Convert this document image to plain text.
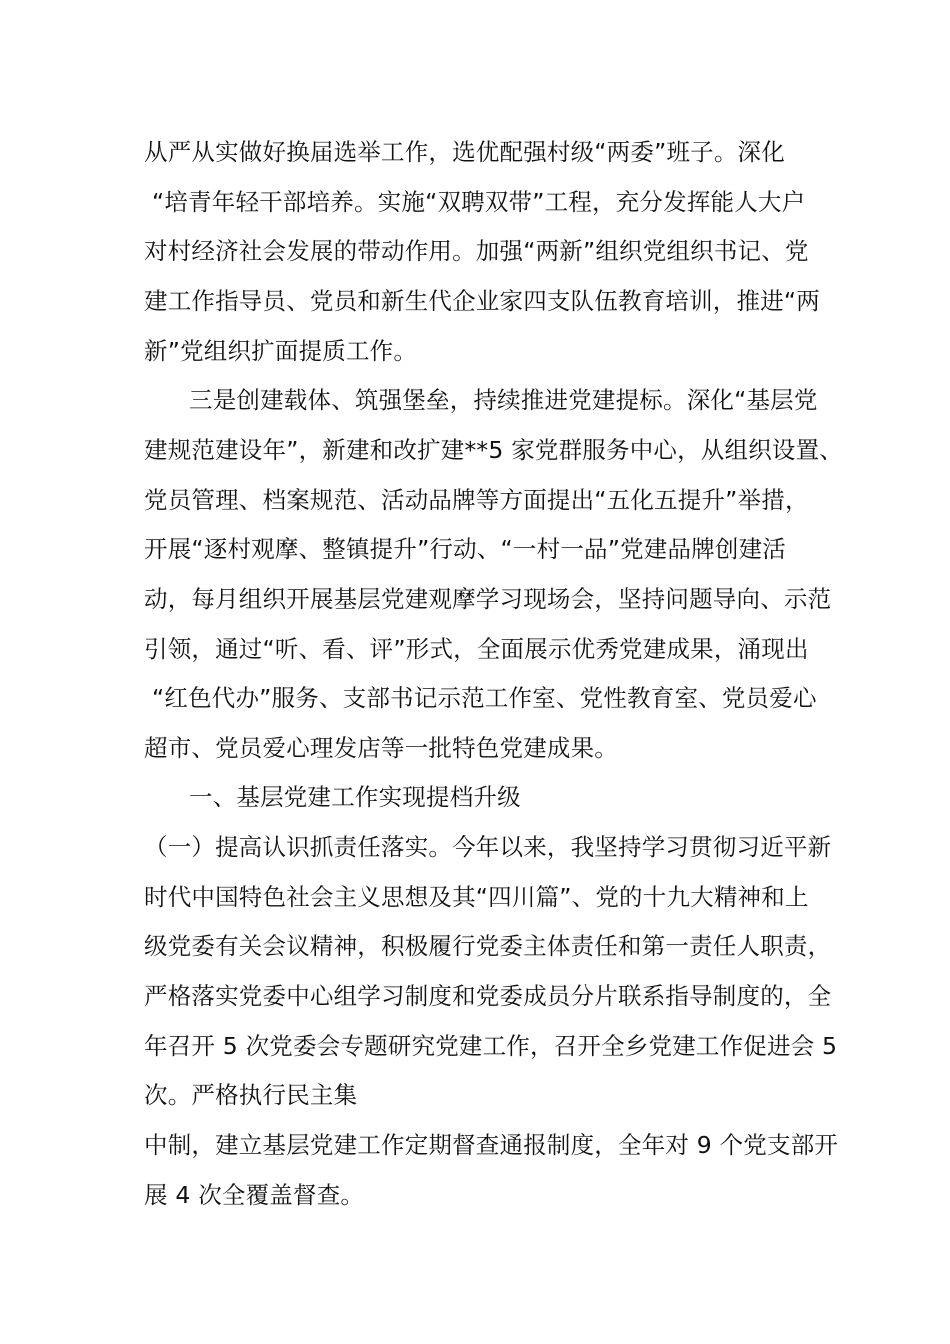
从严从实做好换届选举工作，选优配强村级“两委”班子。深化
“培青年轻干部培养。实施“双聘双带”工程，充分发挥能人大户
对村经济社会发展的带动作用。加强“两新”组织党组织书记、党
建工作指导员、党员和新生代企业家四支队伍教育培训，推进“两
新”党组织扩面提质工作。
三是创建载体、筑强堡垒，持续推进党建提标。深化“基层党
建规范建设年”，新建和改扩建**5 家党群服务中心，从组织设置、
党员管理、档案规范、活动品牌等方面提出“五化五提升”举措，
开展“逐村观摩、整镇提升”行动、“一村一品”党建品牌创建活
动，每月组织开展基层党建观摩学习现场会，坚持问题导向、示范
引领，通过“听、看、评”形式，全面展示优秀党建成果，涌现出
“红色代办”服务、支部书记示范工作室、党性教育室、党员爱心
超市、党员爱心理发店等一批特色党建成果。
一、基层党建工作实现提档升级
（一）提高认识抓责任落实。今年以来，我坚持学习贯彻习近平新
时代中国特色社会主义思想及其“四川篇”、党的十九大精神和上
级党委有关会议精神，积极履行党委主体责任和第一责任人职责，
严格落实党委中心组学习制度和党委成员分片联系指导制度的，全
年召开 5 次党委会专题研究党建工作，召开全乡党建工作促进会 5
次。严格执行民主集
中制，建立基层党建工作定期督查通报制度，全年对 9 个党支部开
展 4 次全覆盖督查。
